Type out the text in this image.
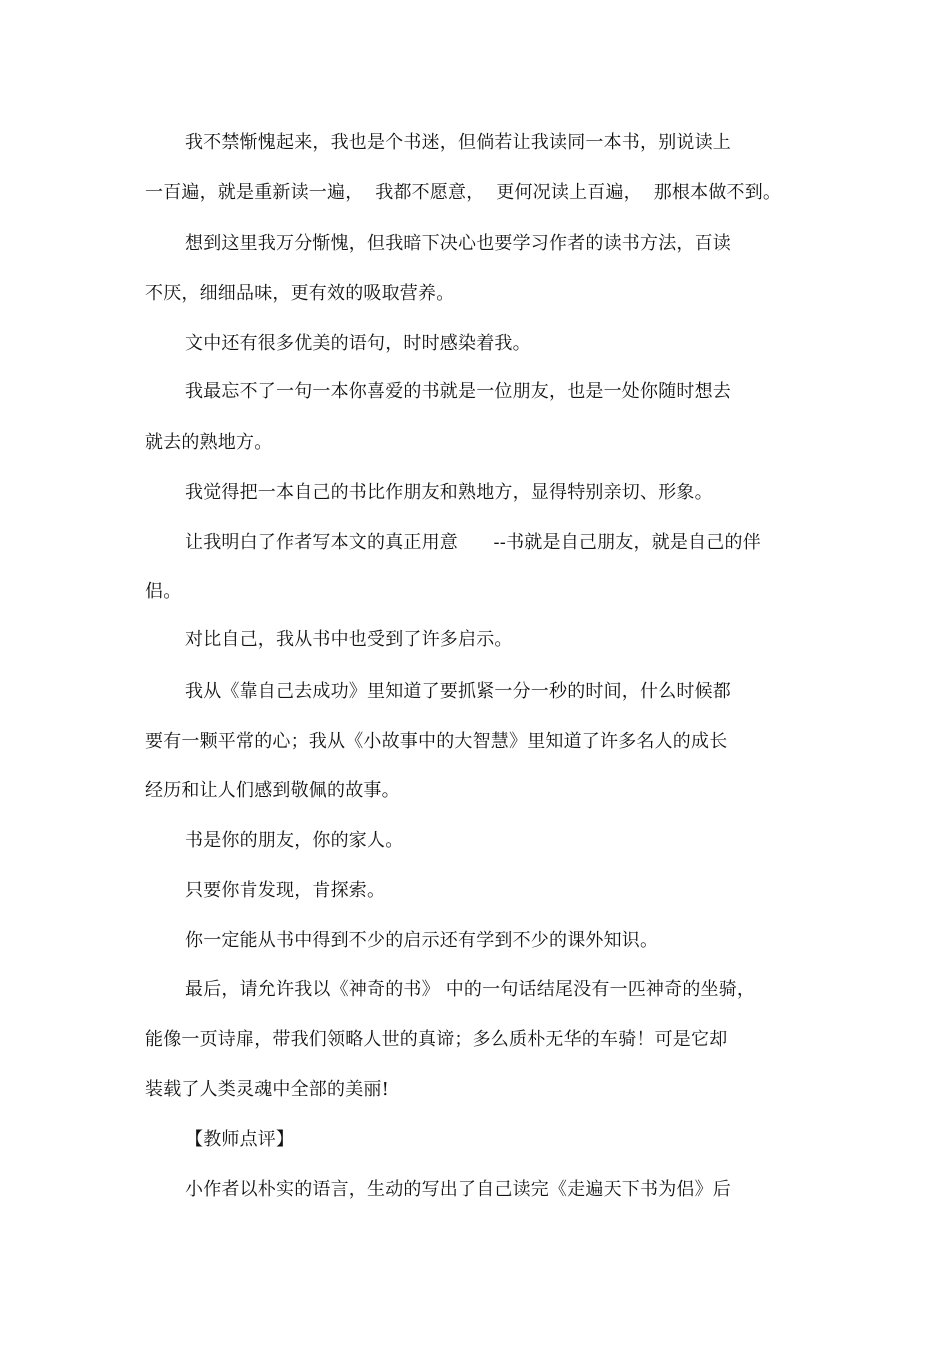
我不禁惭愧起来，我也是个书迷，但倘若让我读同一本书，别说读上
一百遍，就是重新读一遍，  我都不愿意，  更何况读上百遍，  那根本做不到。
想到这里我万分惭愧，但我暗下决心也要学习作者的读书方法，百读
不厌，细细品味，更有效的吸取营养。
文中还有很多优美的语句，时时感染着我。
我最忘不了一句一本你喜爱的书就是一位朋友，也是一处你随时想去
就去的熟地方。
我觉得把一本自己的书比作朋友和熟地方，显得特别亲切、形象。
让我明白了作者写本文的真正用意      --书就是自己朋友，就是自己的伴
侣。
对比自己，我从书中也受到了许多启示。
我从《靠自己去成功》里知道了要抓紧一分一秒的时间，什么时候都
要有一颗平常的心；我从《小故事中的大智慧》里知道了许多名人的成长
经历和让人们感到敬佩的故事。
书是你的朋友，你的家人。
只要你肯发现，肯探索。
你一定能从书中得到不少的启示还有学到不少的课外知识。
最后，请允许我以《神奇的书》 中的一句话结尾没有一匹神奇的坐骑，
能像一页诗扉，带我们领略人世的真谛；多么质朴无华的车骑！可是它却
装载了人类灵魂中全部的美丽!
【教师点评】
小作者以朴实的语言，生动的写出了自己读完《走遍天下书为侣》后
